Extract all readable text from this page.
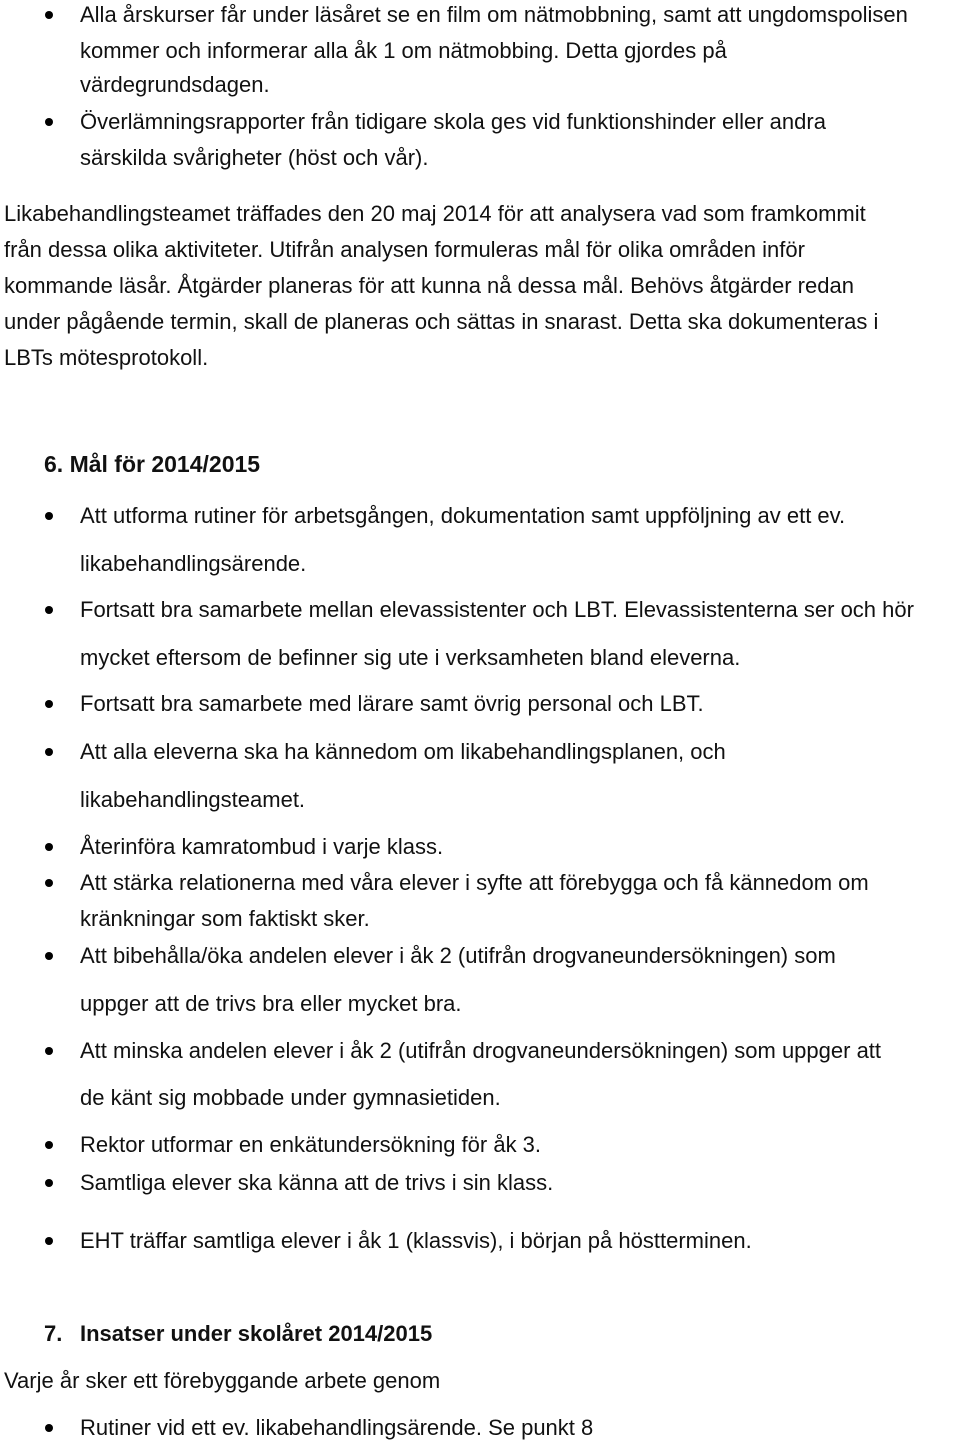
Alla årskurser får under läsåret se en film om nätmobbning, samt att ungdomspolisen
kommer och informerar alla åk 1 om nätmobbing. Detta gjordes på
värdegrundsdagen.
Överlämningsrapporter från tidigare skola ges vid funktionshinder eller andra
särskilda svårigheter (höst och vår).
Likabehandlingsteamet träffades den 20 maj 2014 för att analysera vad som framkommit
från dessa olika aktiviteter. Utifrån analysen formuleras mål för olika områden inför
kommande läsår. Åtgärder planeras för att kunna nå dessa mål. Behövs åtgärder redan
under pågående termin, skall de planeras och sättas in snarast. Detta ska dokumenteras i
LBTs mötesprotokoll.
6. Mål för 2014/2015
Att utforma rutiner för arbetsgången, dokumentation samt uppföljning av ett ev.
likabehandlingsärende.
Fortsatt bra samarbete mellan elevassistenter och LBT. Elevassistenterna ser och hör
mycket eftersom de befinner sig ute i verksamheten bland eleverna.
Fortsatt bra samarbete med lärare samt övrig personal och LBT.
Att alla eleverna ska ha kännedom om likabehandlingsplanen, och
likabehandlingsteamet.
Återinföra kamratombud i varje klass.
Att stärka relationerna med våra elever i syfte att förebygga och få kännedom om
kränkningar som faktiskt sker.
Att bibehålla/öka andelen elever i åk 2 (utifrån drogvaneundersökningen) som
uppger att de trivs bra eller mycket bra.
Att minska andelen elever i åk 2 (utifrån drogvaneundersökningen) som uppger att
de känt sig mobbade under gymnasietiden.
Rektor utformar en enkätundersökning för åk 3.
Samtliga elever ska känna att de trivs i sin klass.
EHT träffar samtliga elever i åk 1 (klassvis), i början på höstterminen.
7. Insatser under skolåret 2014/2015
Varje år sker ett förebyggande arbete genom
Rutiner vid ett ev. likabehandlingsärende. Se punkt 8
